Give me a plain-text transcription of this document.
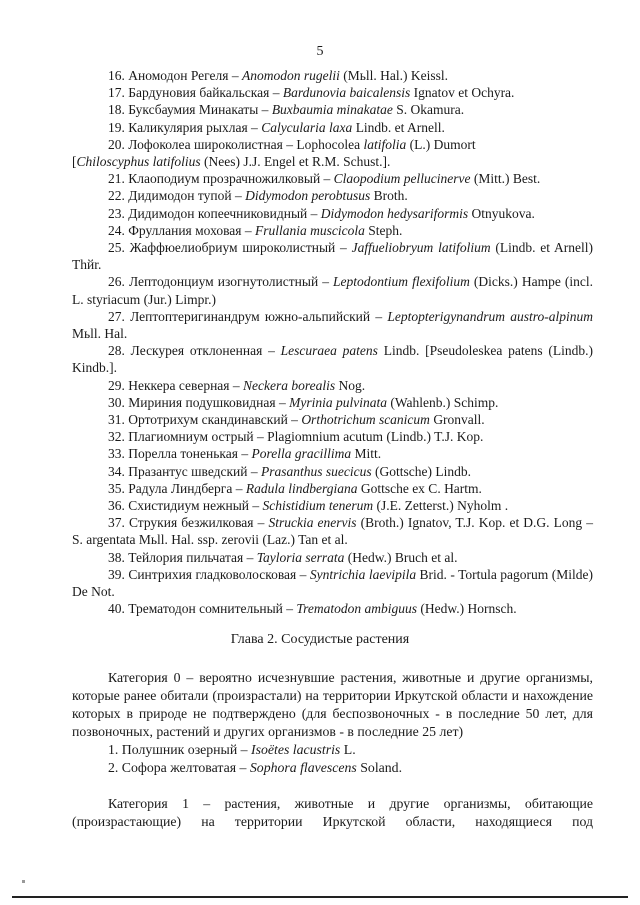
5
16. Аномодон Регеля – Anomodon rugelii (Мьll. Hal.) Keissl.
17. Бардуновия байкальская – Bardunovia baicalensis Ignatov et Ochyra.
18. Буксбаумия Минакаты – Buxbaumia minakatae S. Okamura.
19. Каликулярия рыхлая – Calycularia laxa Lindb. et Arnell.
20. Лофоколеа широколистная – Lophocolea latifolia (L.) Dumort
[Chiloscyphus latifolius (Nees) J.J. Engel et R.M. Schust.].
21. Клаоподиум прозрачножилковый – Claopodium pellucinerve (Mitt.) Best.
22. Дидимодон тупой – Didymodon perobtusus Broth.
23. Дидимодон копеечниковидный – Didymodon hedysariformis Otnyukova.
24. Фруллания моховая – Frullania muscicola Steph.
25. Жаффюелиобриум широколистный – Jaffueliobryum latifolium (Lindb. et Arnell) Thйr.
26. Лептодонциум изогнутолистный – Leptodontium flexifolium (Dicks.) Hampe (incl. L. styriacum (Jur.) Limpr.)
27. Лептоптеригинандрум южно-альпийский – Leptopterigynandrum austro-alpinum Мьll. Hal.
28. Лескурея отклоненная – Lescuraea patens Lindb. [Pseudoleskea patens (Lindb.) Kindb.].
29. Неккера северная – Neckera borealis Nog.
30. Мириния подушковидная – Myrinia pulvinata (Wahlenb.) Schimp.
31. Ортотрихум скандинавский – Orthotrichum scanicum Gronvall.
32. Плагиомниум острый – Plagiomnium acutum (Lindb.) T.J. Kop.
33. Порелла тоненькая – Porella gracillima Mitt.
34. Празантус шведский – Prasanthus suecicus (Gottsche) Lindb.
35. Радула Линдберга – Radula lindbergiana Gottsche ex C. Hartm.
36. Схистидиум нежный – Schistidium tenerum (J.E. Zetterst.) Nyholm .
37. Струкия безжилковая – Struckia enervis (Broth.) Ignatov, T.J. Kop. et D.G. Long – S. argentata Мьll. Hal. ssp. zerovii (Laz.) Tan et al.
38. Тейлория пильчатая – Tayloria serrata (Hedw.) Bruch et al.
39. Синтрихия гладковолосковая – Syntrichia laevipila Brid. - Tortula pagorum (Milde) De Not.
40. Трематодон сомнительный – Trematodon ambiguus (Hedw.) Hornsch.
Глава 2. Сосудистые растения
Категория 0 – вероятно исчезнувшие растения, животные и другие организмы, которые ранее обитали (произрастали) на территории Иркутской области и нахождение которых в природе не подтверждено (для беспозвоночных - в последние 50 лет, для позвоночных, растений и других организмов - в последние 25 лет)
1. Полушник озерный – Isoëtes lacustris L.
2. Софора желтоватая – Sophora flavescens Soland.
Категория 1 – растения, животные и другие организмы, обитающие (произрастающие) на территории Иркутской области, находящиеся под
